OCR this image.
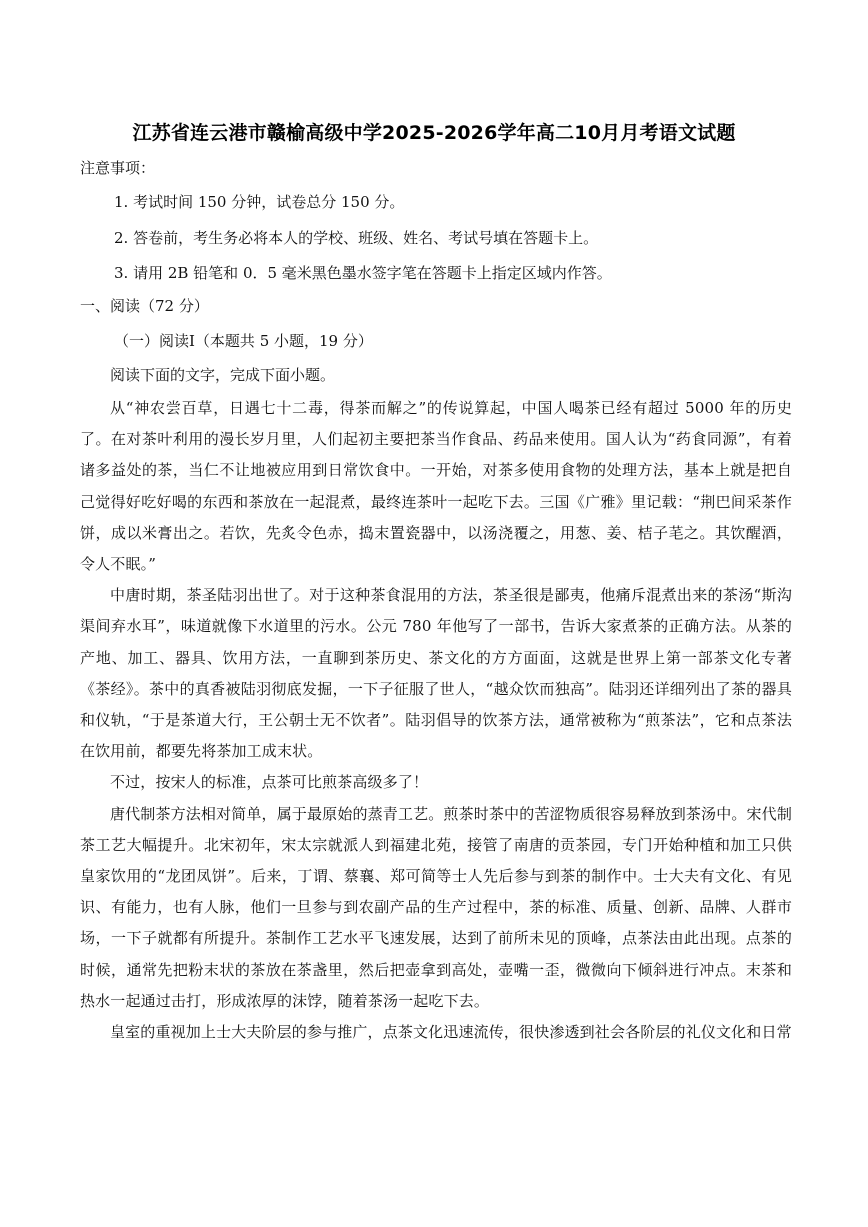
江苏省连云港市赣榆高级中学2025-2026学年高二10月月考语文试题
注意事项：
1. 考试时间 150 分钟，试卷总分 150 分。
2. 答卷前，考生务必将本人的学校、班级、姓名、考试号填在答题卡上。
3. 请用 2B 铅笔和 0．5 毫米黑色墨水签字笔在答题卡上指定区域内作答。
一、阅读（72 分）
（一）阅读I（本题共 5 小题，19 分）
阅读下面的文字，完成下面小题。

从“神农尝百草，日遇七十二毒，得茶而解之”的传说算起，中国人喝茶已经有超过 5000 年的历史了。在对茶叶利用的漫长岁月里，人们起初主要把茶当作食品、药品来使用。国人认为“药食同源”，有着诸多益处的茶，当仁不让地被应用到日常饮食中。一开始，对茶多使用食物的处理方法，基本上就是把自己觉得好吃好喝的东西和茶放在一起混煮，最终连茶叶一起吃下去。三国《广雅》里记载：“荆巴间采茶作饼，成以米膏出之。若饮，先炙令色赤，捣末置瓷器中，以汤浇覆之，用葱、姜、桔子芼之。其饮醒酒，令人不眠。”

中唐时期，茶圣陆羽出世了。对于这种茶食混用的方法，茶圣很是鄙夷，他痛斥混煮出来的茶汤“斯沟渠间弃水耳”，味道就像下水道里的污水。公元 780 年他写了一部书，告诉大家煮茶的正确方法。从茶的产地、加工、器具、饮用方法，一直聊到茶历史、茶文化的方方面面，这就是世界上第一部茶文化专著《茶经》。茶中的真香被陆羽彻底发掘，一下子征服了世人，“越众饮而独高”。陆羽还详细列出了茶的器具和仪轨，“于是茶道大行，王公朝士无不饮者”。陆羽倡导的饮茶方法，通常被称为“煎茶法”，它和点茶法在饮用前，都要先将茶加工成末状。

不过，按宋人的标准，点茶可比煎茶高级多了！

唐代制茶方法相对简单，属于最原始的蒸青工艺。煎茶时茶中的苦涩物质很容易释放到茶汤中。宋代制 茶工艺大幅提升。北宋初年，宋太宗就派人到福建北苑，接管了南唐的贡茶园，专门开始种植和加工只供皇家饮用的“龙团凤饼”。后来，丁谓、蔡襄、郑可简等士人先后参与到茶的制作中。士大夫有文化、有见识、有能力，也有人脉，他们一旦参与到农副产品的生产过程中，茶的标准、质量、创新、品牌、人群市场，一下子就都有所提升。茶制作工艺水平飞速发展，达到了前所未见的顶峰，点茶法由此出现。点茶的时候，通常先把粉末状的茶放在茶盏里，然后把壶拿到高处，壶嘴一歪，微微向下倾斜进行冲点。末茶和热水一起通过击打，形成浓厚的沫饽，随着茶汤一起吃下去。

皇室的重视加上士大夫阶层的参与推广，点茶文化迅速流传，很快渗透到社会各阶层的礼仪文化和日常
